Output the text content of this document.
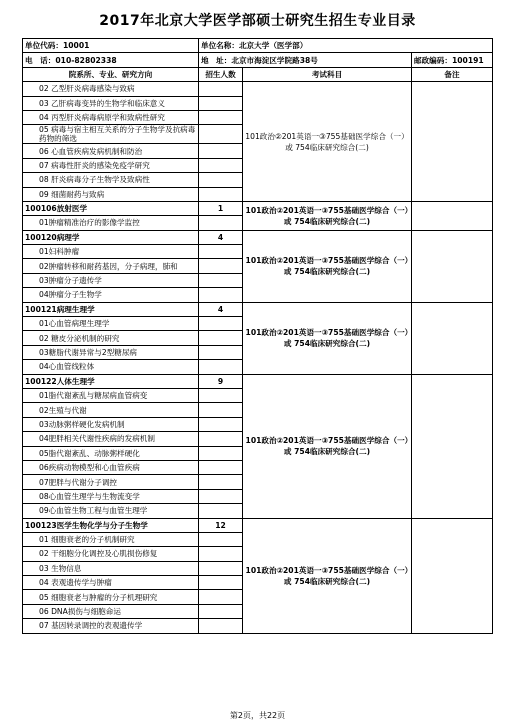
2017年北京大学医学部硕士研究生招生专业目录
单位代码：10001	单位名称：北京大学（医学部）		
电　话：010-82802338	地　址：北京市海淀区学院路38号		邮政编码：100191
院系所、专业、研究方向	招生人数	考试科目	备注
02 乙型肝炎病毒感染与致病		101政治②201英语一③755基础医学综合（一）或 754临床研究综合(二)	
03 乙肝病毒变异的生物学和临床意义			
04 丙型肝炎病毒病原学和致病性研究			
05 病毒与宿主相互关系的分子生物学及抗病毒药物的筛选			
06 心血管疾病发病机制和防治			
07 病毒性肝炎的感染免疫学研究			
08 肝炎病毒分子生物学及致病性			
09 细菌耐药与致病			
100106放射医学	1	101政治②201英语一③755基础医学综合（一）或 754临床研究综合(二)	
01肿瘤精准治疗的影像学监控			
100120病理学	4	101政治②201英语一③755基础医学综合（一）或 754临床研究综合(二)	
01妇科肿瘤			
02肿瘤转移和耐药基因，分子病理，肺和			
03肿瘤分子遗传学			
04肿瘤分子生物学			
100121病理生理学	4	101政治②201英语一③755基础医学综合（一）或 754临床研究综合(二)	
01心血管病理生理学			
02 糖皮分泌机制的研究			
03糖脂代谢异常与2型糖尿病			
04心血管线粒体			
100122人体生理学	9	101政治②201英语一③755基础医学综合（一）或 754临床研究综合(二)	
01脂代谢紊乱与糖尿病血管病变			
02生殖与代谢			
03动脉粥样硬化发病机制			
04肥胖相关代谢性疾病的发病机制			
05脂代谢紊乱、动脉粥样硬化			
06疾病动物模型和心血管疾病			
07肥胖与代谢分子调控			
08心血管生理学与生物流变学			
09心血管生物工程与血管生理学			
100123医学生物化学与分子生物学	12	101政治②201英语一③755基础医学综合（一）或 754临床研究综合(二)	
01 细胞衰老的分子机制研究			
02 干细胞分化调控及心肌损伤修复			
03 生物信息			
04 表观遗传学与肿瘤			
05 细胞衰老与肿瘤的分子机理研究			
06 DNA损伤与细胞命运			
07 基因转录调控的表观遗传学			
第2页，共22页
